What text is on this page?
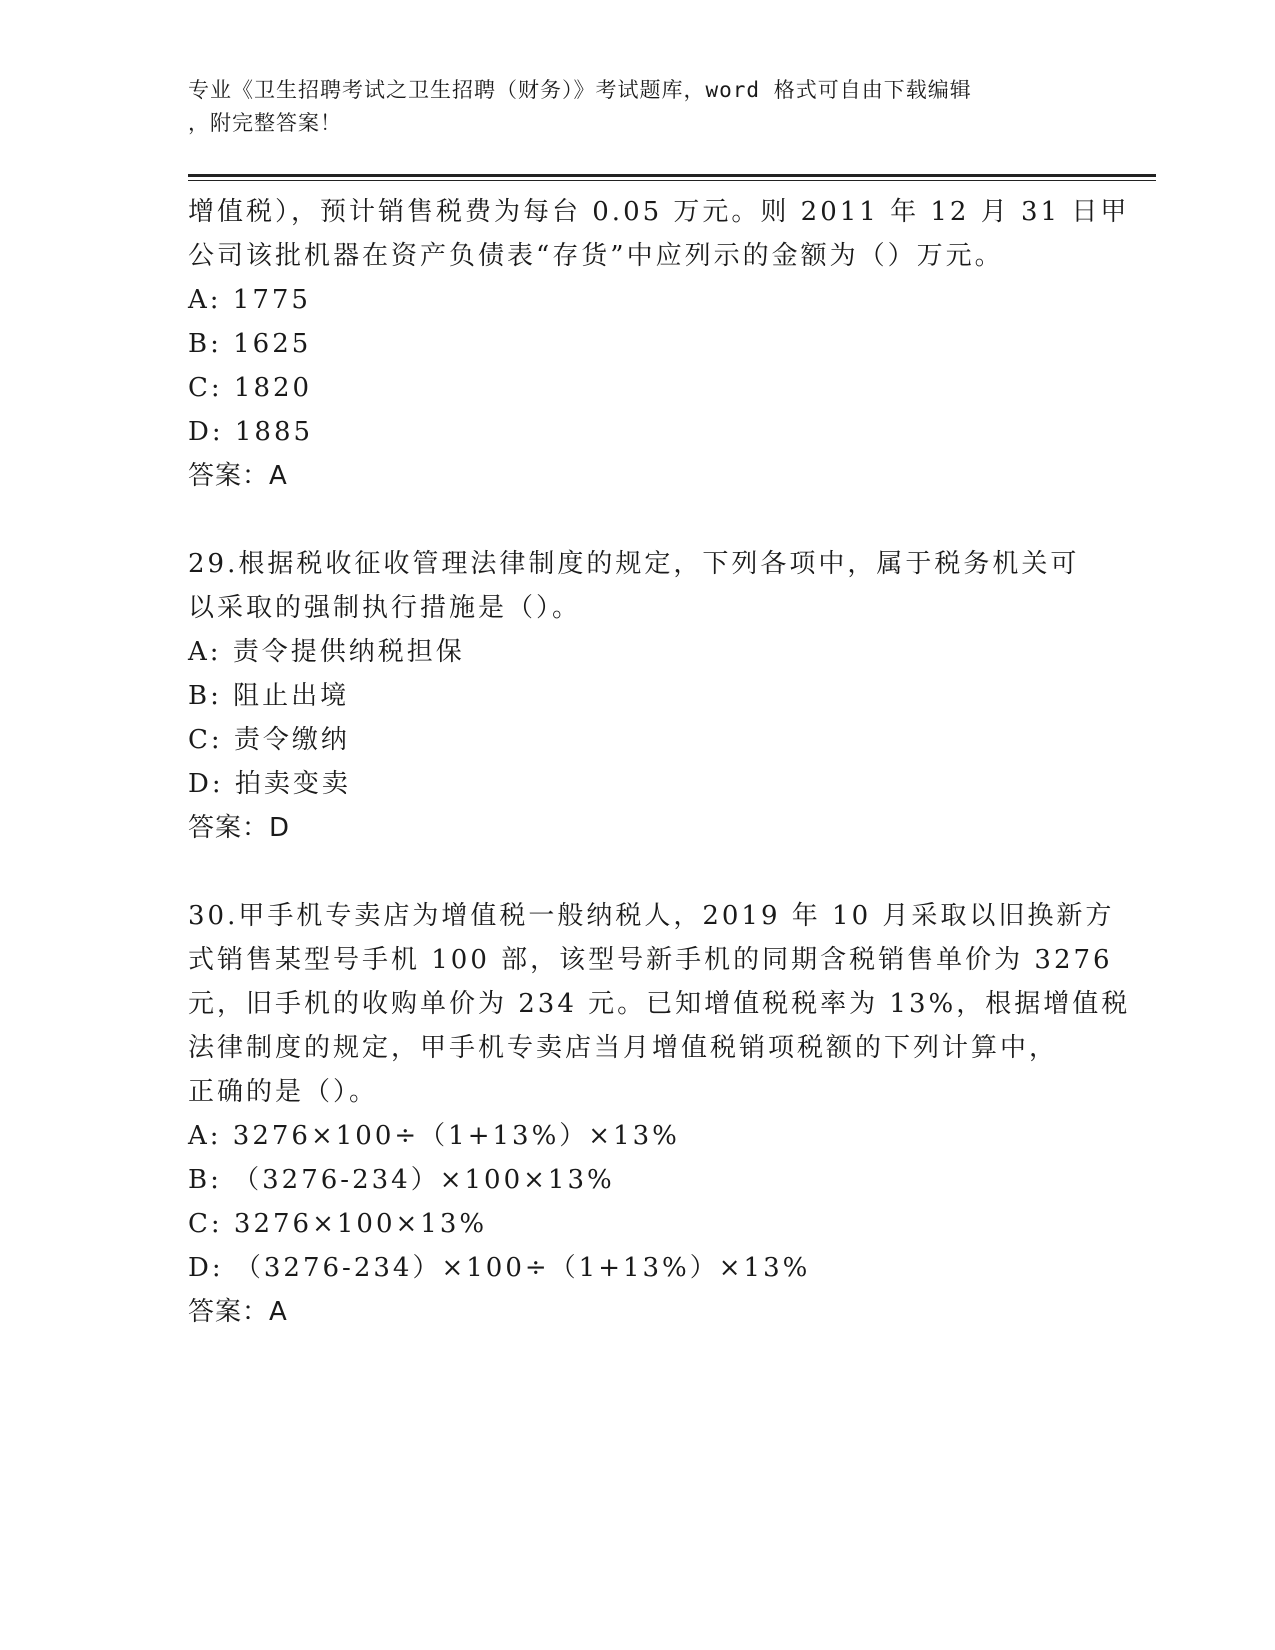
专业《卫生招聘考试之卫生招聘（财务）》考试题库，word 格式可自由下载编辑
，附完整答案！
增值税），预计销售税费为每台 0.05 万元。则 2011 年 12 月 31 日甲
公司该批机器在资产负债表“存货”中应列示的金额为（）万元。
A: 1775
B: 1625
C: 1820
D: 1885
答案：A
29.根据税收征收管理法律制度的规定，下列各项中，属于税务机关可
以采取的强制执行措施是（）。
A: 责令提供纳税担保
B: 阻止出境
C: 责令缴纳
D: 拍卖变卖
答案：D
30.甲手机专卖店为增值税一般纳税人，2019 年 10 月采取以旧换新方
式销售某型号手机 100 部，该型号新手机的同期含税销售单价为 3276
元，旧手机的收购单价为 234 元。已知增值税税率为 13%，根据增值税
法律制度的规定，甲手机专卖店当月增值税销项税额的下列计算中，
正确的是（）。
A: 3276×100÷（1+13%）×13%
B: （3276-234）×100×13%
C: 3276×100×13%
D: （3276-234）×100÷（1+13%）×13%
答案：A
